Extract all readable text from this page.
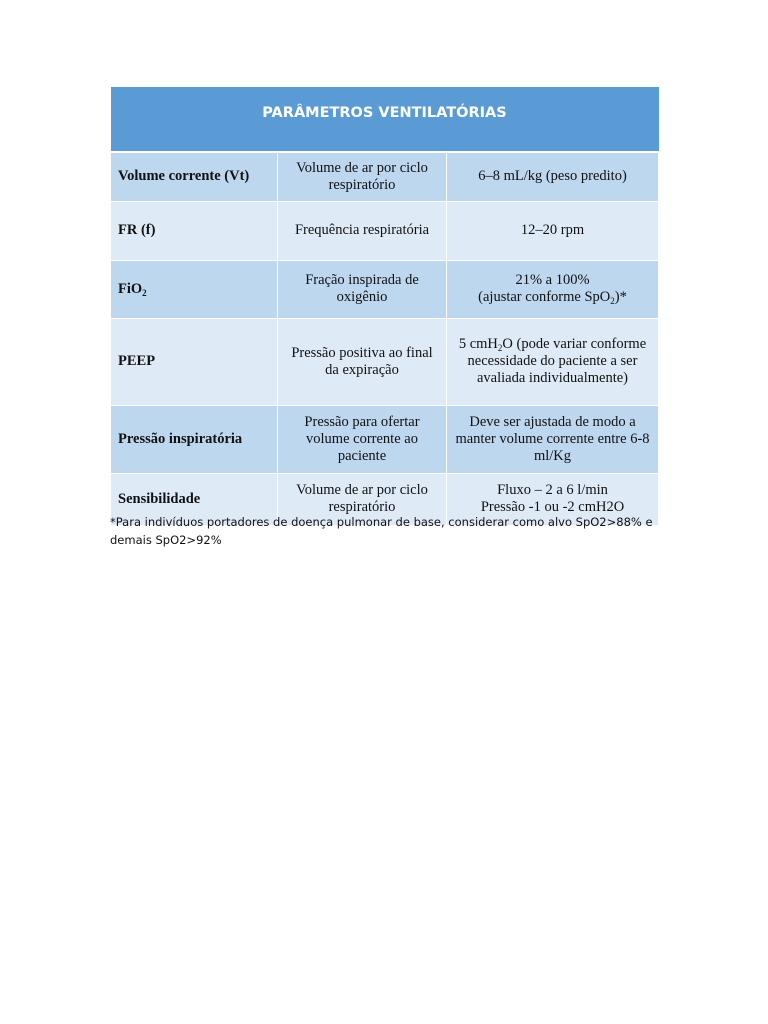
PARÂMETROS VENTILATÓRIAS		
Volume corrente (Vt)	Volume de ar por ciclo respiratório	6–8 mL/kg (peso predito)
FR (f)	Frequência respiratória	12–20 rpm
FiO$_2$	Fração inspirada de oxigênio	21% a 100%
(ajustar conforme SpO$_2$)*
PEEP	Pressão positiva ao final da expiração	5 cmH$_2$O (pode variar conforme necessidade do paciente a ser avaliada individualmente)
Pressão inspiratória	Pressão para ofertar volume corrente ao paciente	Deve ser ajustada de modo a manter volume corrente entre 6-8 ml/Kg
Sensibilidade	Volume de ar por ciclo respiratório	Fluxo – 2 a 6 l/min
Pressão -1 ou -2 cmH2O
*Para indivíduos portadores de doença pulmonar de base, considerar como alvo SpO2>88% e demais SpO2>92%
